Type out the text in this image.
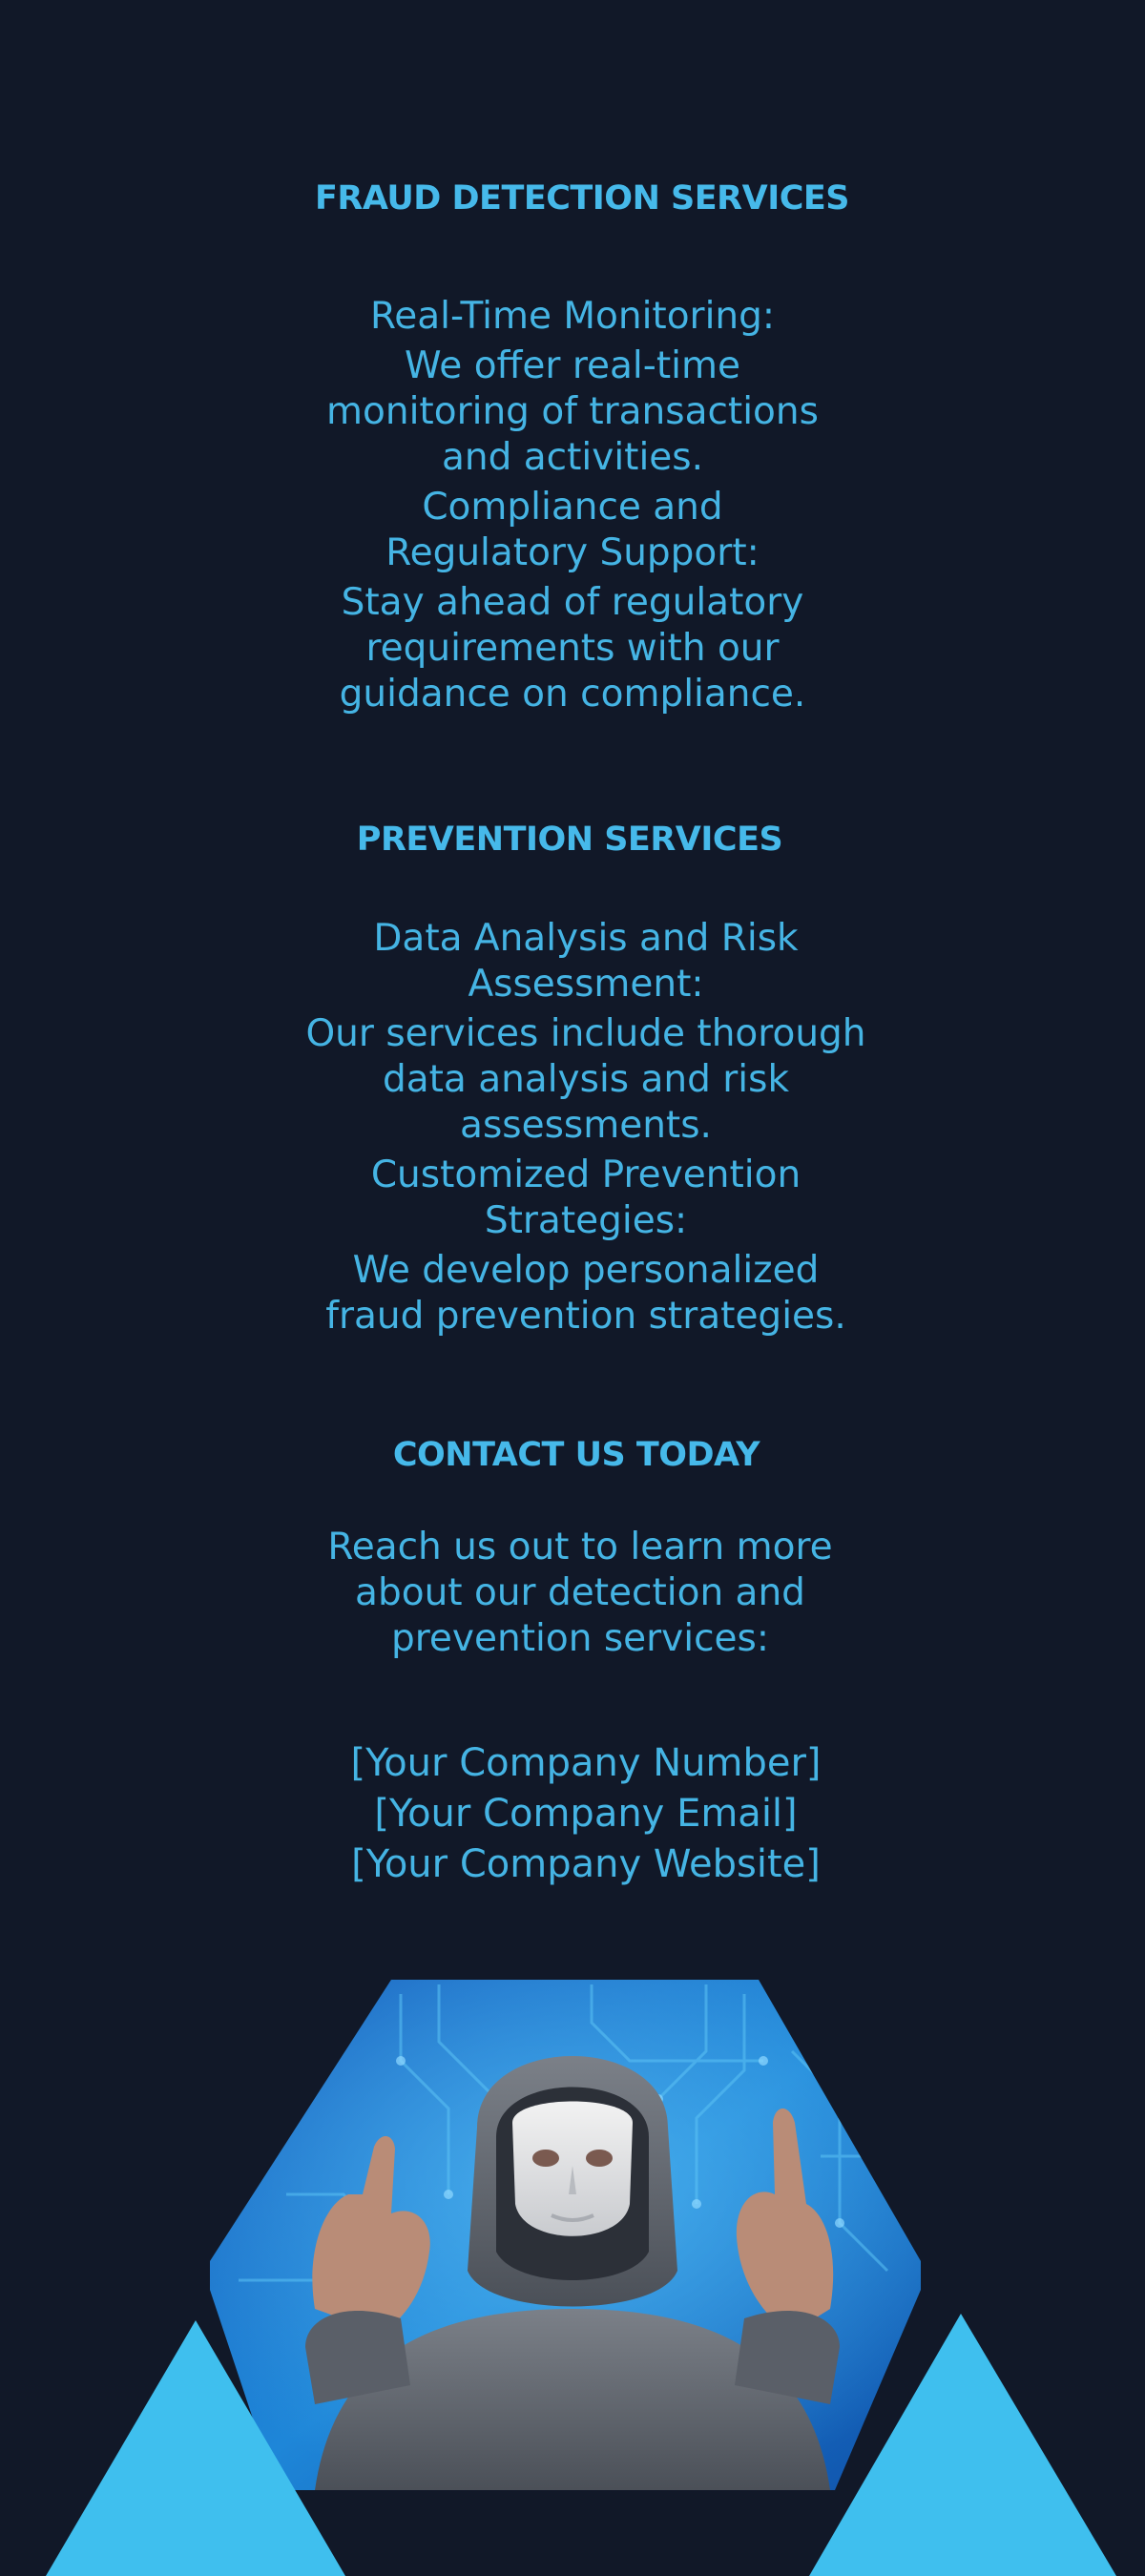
FRAUD DETECTION SERVICES

Real-Time Monitoring:

We offer real-time monitoring of transactions and activities.

Compliance and Regulatory Support:

Stay ahead of regulatory requirements with our guidance on compliance.

PREVENTION SERVICES

Data Analysis and Risk Assessment:

Our services include thorough data analysis and risk assessments.

Customized Prevention Strategies:

We develop personalized fraud prevention strategies.

CONTACT US TODAY

Reach us out to learn more about our detection and prevention services:

[Your Company Number]

[Your Company Email]

[Your Company Website]
